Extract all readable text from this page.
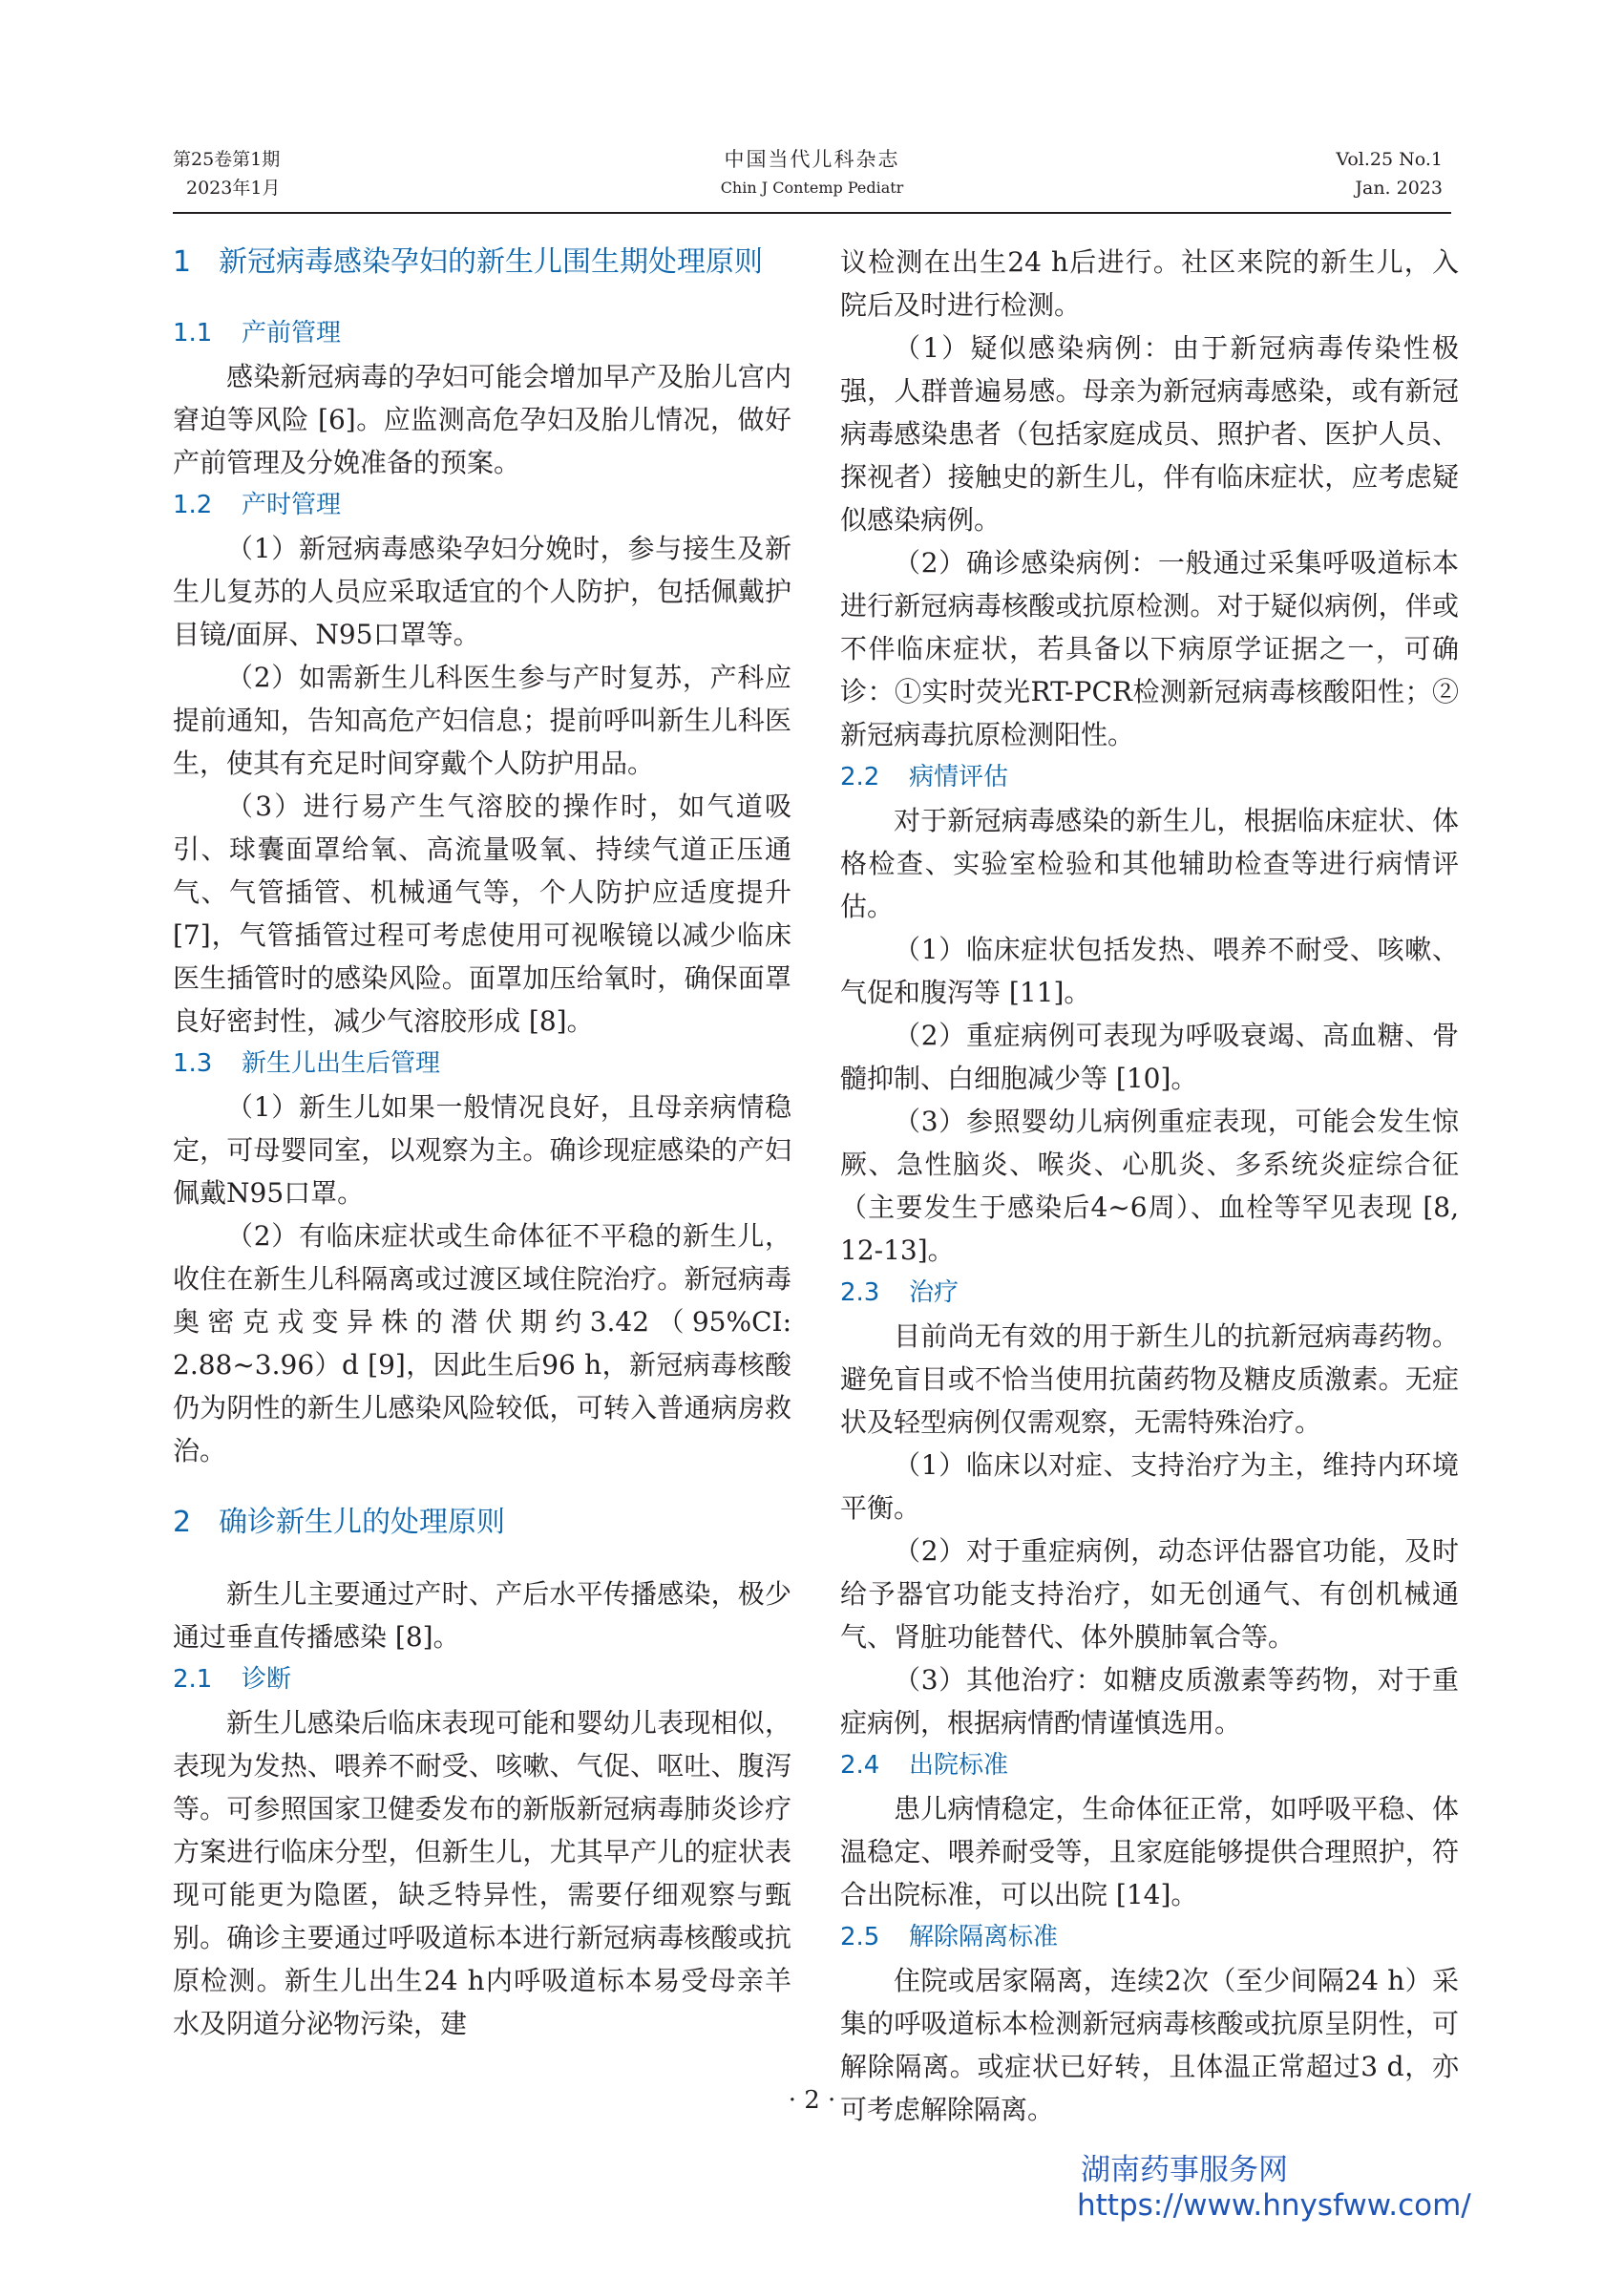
第25卷第1期
2023年1月
中国当代儿科杂志
Chin J Contemp Pediatr
Vol.25 No.1
Jan. 2023
1 新冠病毒感染孕妇的新生儿围生期处理原则
1.1 产前管理

感染新冠病毒的孕妇可能会增加早产及胎儿宫内窘迫等风险 [6]。应监测高危孕妇及胎儿情况，做好产前管理及分娩准备的预案。

1.2 产时管理

（1）新冠病毒感染孕妇分娩时，参与接生及新生儿复苏的人员应采取适宜的个人防护，包括佩戴护目镜/面屏、N95口罩等。

（2）如需新生儿科医生参与产时复苏，产科应提前通知，告知高危产妇信息；提前呼叫新生儿科医生，使其有充足时间穿戴个人防护用品。

（3）进行易产生气溶胶的操作时，如气道吸引、球囊面罩给氧、高流量吸氧、持续气道正压通气、气管插管、机械通气等，个人防护应适度提升 [7]，气管插管过程可考虑使用可视喉镜以减少临床医生插管时的感染风险。面罩加压给氧时，确保面罩良好密封性，减少气溶胶形成 [8]。

1.3 新生儿出生后管理

（1）新生儿如果一般情况良好，且母亲病情稳定，可母婴同室，以观察为主。确诊现症感染的产妇佩戴N95口罩。

（2）有临床症状或生命体征不平稳的新生儿，收住在新生儿科隔离或过渡区域住院治疗。新冠病毒奥密克戎变异株的潜伏期约3.42（95%CI: 2.88~3.96）d [9]，因此生后96 h，新冠病毒核酸仍为阴性的新生儿感染风险较低，可转入普通病房救治。

2 确诊新生儿的处理原则

新生儿主要通过产时、产后水平传播感染，极少通过垂直传播感染 [8]。

2.1 诊断

新生儿感染后临床表现可能和婴幼儿表现相似，表现为发热、喂养不耐受、咳嗽、气促、呕吐、腹泻等。可参照国家卫健委发布的新版新冠病毒肺炎诊疗方案进行临床分型，但新生儿，尤其早产儿的症状表现可能更为隐匿，缺乏特异性，需要仔细观察与甄别。确诊主要通过呼吸道标本进行新冠病毒核酸或抗原检测。新生儿出生24 h内呼吸道标本易受母亲羊水及阴道分泌物污染，建

议检测在出生24 h后进行。社区来院的新生儿，入院后及时进行检测。

（1）疑似感染病例：由于新冠病毒传染性极强，人群普遍易感。母亲为新冠病毒感染，或有新冠病毒感染患者（包括家庭成员、照护者、医护人员、探视者）接触史的新生儿，伴有临床症状，应考虑疑似感染病例。

（2）确诊感染病例：一般通过采集呼吸道标本进行新冠病毒核酸或抗原检测。对于疑似病例，伴或不伴临床症状，若具备以下病原学证据之一，可确诊：①实时荧光RT-PCR检测新冠病毒核酸阳性；②新冠病毒抗原检测阳性。

2.2 病情评估

对于新冠病毒感染的新生儿，根据临床症状、体格检查、实验室检验和其他辅助检查等进行病情评估。

（1）临床症状包括发热、喂养不耐受、咳嗽、气促和腹泻等 [11]。

（2）重症病例可表现为呼吸衰竭、高血糖、骨髓抑制、白细胞减少等 [10]。

（3）参照婴幼儿病例重症表现，可能会发生惊厥、急性脑炎、喉炎、心肌炎、多系统炎症综合征（主要发生于感染后4~6周）、血栓等罕见表现 [8, 12-13]。

2.3 治疗

目前尚无有效的用于新生儿的抗新冠病毒药物。避免盲目或不恰当使用抗菌药物及糖皮质激素。无症状及轻型病例仅需观察，无需特殊治疗。

（1）临床以对症、支持治疗为主，维持内环境平衡。

（2）对于重症病例，动态评估器官功能，及时给予器官功能支持治疗，如无创通气、有创机械通气、肾脏功能替代、体外膜肺氧合等。

（3）其他治疗：如糖皮质激素等药物，对于重症病例，根据病情酌情谨慎选用。

2.4 出院标准

患儿病情稳定，生命体征正常，如呼吸平稳、体温稳定、喂养耐受等，且家庭能够提供合理照护，符合出院标准，可以出院 [14]。

2.5 解除隔离标准

住院或居家隔离，连续2次（至少间隔24 h）采集的呼吸道标本检测新冠病毒核酸或抗原呈阴性，可解除隔离。或症状已好转，且体温正常超过3 d，亦可考虑解除隔离。

· 2 ·
湖南药事服务网
https://www.hnysfww.com/
